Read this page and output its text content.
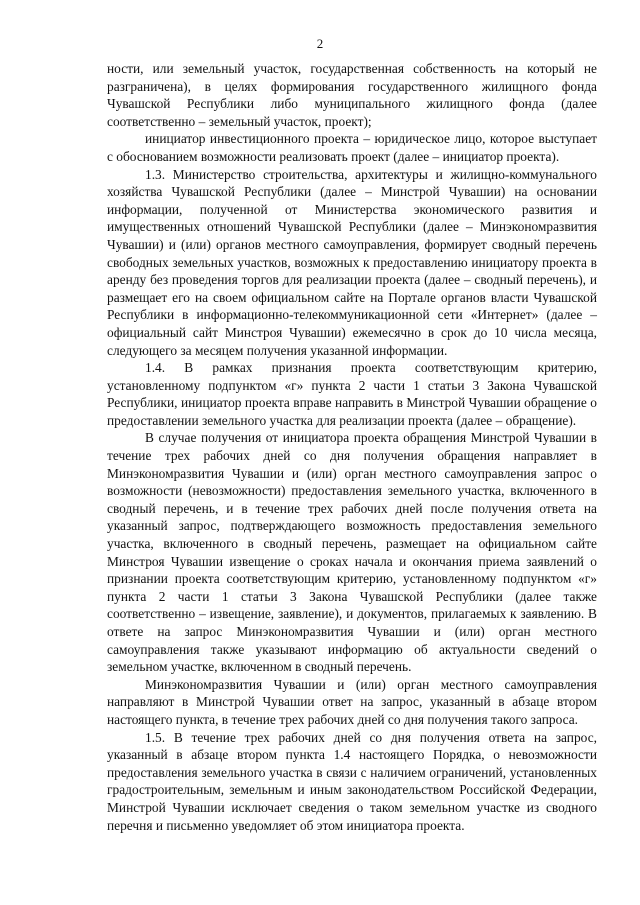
2

ности, или земельный участок, государственная собственность на который не разграничена), в целях формирования государственного жилищного фонда Чувашской Республики либо муниципального жилищного фонда (далее соответственно – земельный участок, проект);

инициатор инвестиционного проекта – юридическое лицо, которое выступает с обоснованием возможности реализовать проект (далее – инициатор проекта).

1.3. Министерство строительства, архитектуры и жилищно-коммунального хозяйства Чувашской Республики (далее – Минстрой Чувашии) на основании информации, полученной от Министерства экономического развития и имущественных отношений Чувашской Республики (далее – Минэкономразвития Чувашии) и (или) органов местного самоуправления, формирует сводный перечень свободных земельных участков, возможных к предоставлению инициатору проекта в аренду без проведения торгов для реализации проекта (далее – сводный перечень), и размещает его на своем официальном сайте на Портале органов власти Чувашской Республики в информационно-телекоммуникационной сети «Интернет» (далее – официальный сайт Минстроя Чувашии) ежемесячно в срок до 10 числа месяца, следующего за месяцем получения указанной информации.

1.4. В рамках признания проекта соответствующим критерию, установленному подпунктом «г» пункта 2 части 1 статьи 3 Закона Чувашской Республики, инициатор проекта вправе направить в Минстрой Чувашии обращение о предоставлении земельного участка для реализации проекта (далее – обращение).

В случае получения от инициатора проекта обращения Минстрой Чувашии в течение трех рабочих дней со дня получения обращения направляет в Минэкономразвития Чувашии и (или) орган местного самоуправления запрос о возможности (невозможности) предоставления земельного участка, включенного в сводный перечень, и в течение трех рабочих дней после получения ответа на указанный запрос, подтверждающего возможность предоставления земельного участка, включенного в сводный перечень, размещает на официальном сайте Минстроя Чувашии извещение о сроках начала и окончания приема заявлений о признании проекта соответствующим критерию, установленному подпунктом «г» пункта 2 части 1 статьи 3 Закона Чувашской Республики (далее также соответственно – извещение, заявление), и документов, прилагаемых к заявлению. В ответе на запрос Минэкономразвития Чувашии и (или) орган местного самоуправления также указывают информацию об актуальности сведений о земельном участке, включенном в сводный перечень.

Минэкономразвития Чувашии и (или) орган местного самоуправления направляют в Минстрой Чувашии ответ на запрос, указанный в абзаце втором настоящего пункта, в течение трех рабочих дней со дня получения такого запроса.

1.5. В течение трех рабочих дней со дня получения ответа на запрос, указанный в абзаце втором пункта 1.4 настоящего Порядка, о невозможности предоставления земельного участка в связи с наличием ограничений, установленных градостроительным, земельным и иным законодательством Российской Федерации, Минстрой Чувашии исключает сведения о таком земельном участке из сводного перечня и письменно уведомляет об этом инициатора проекта.
